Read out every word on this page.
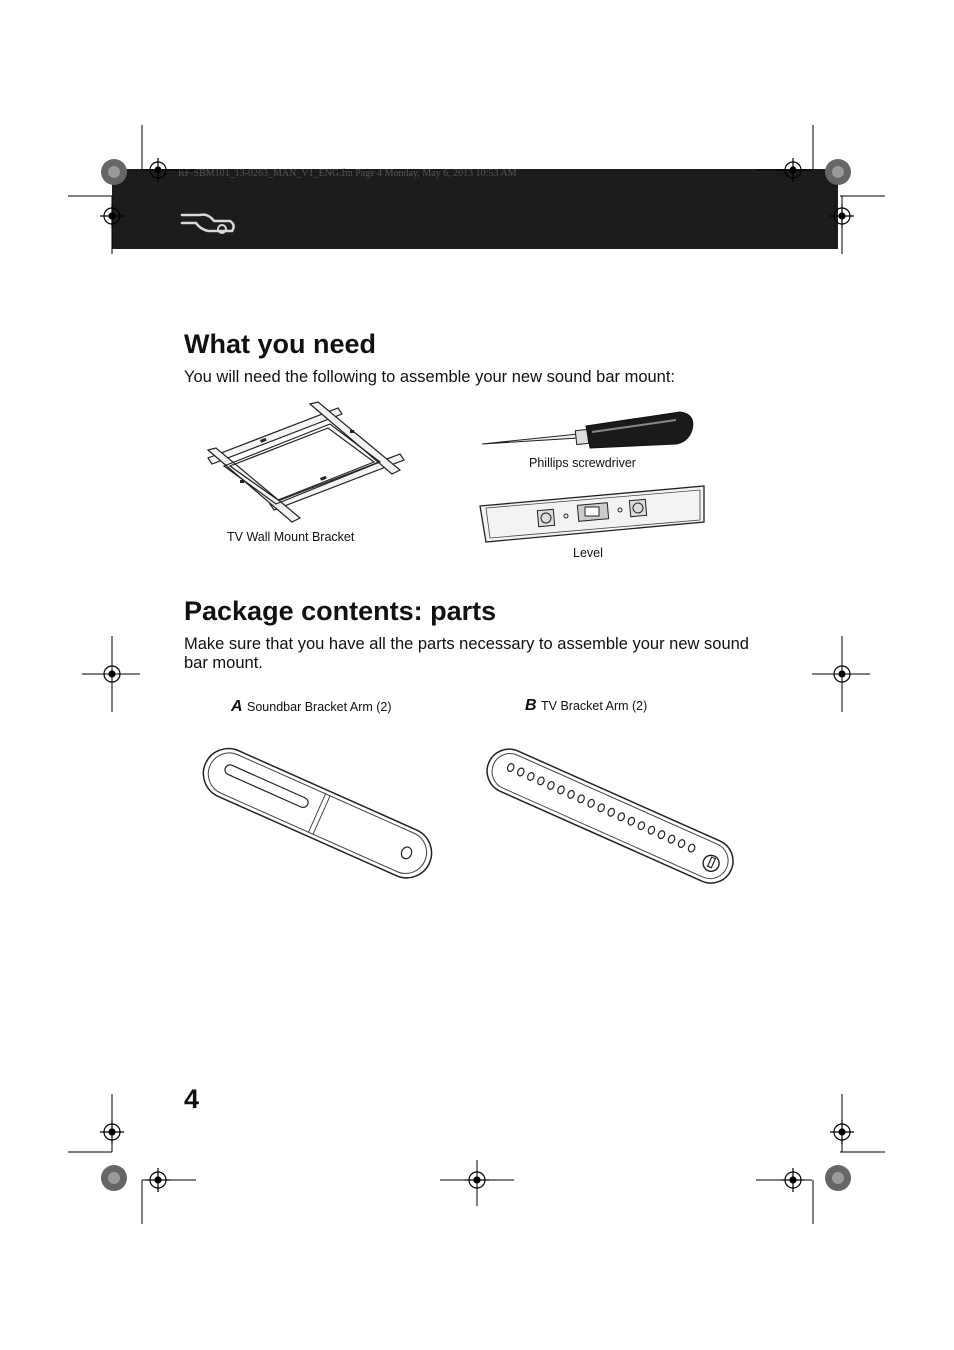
RF-SBM101_13-0263_MAN_V1_ENG.fm Page 4 Monday, May 6, 2013 10:53 AM
What you need
You will need the following to assemble your new sound bar mount:
TV Wall Mount Bracket
Phillips screwdriver
Level
Package contents: parts
Make sure that you have all the parts necessary to assemble your new sound bar mount.
A Soundbar Bracket Arm (2)	B TV Bracket Arm (2)
4
